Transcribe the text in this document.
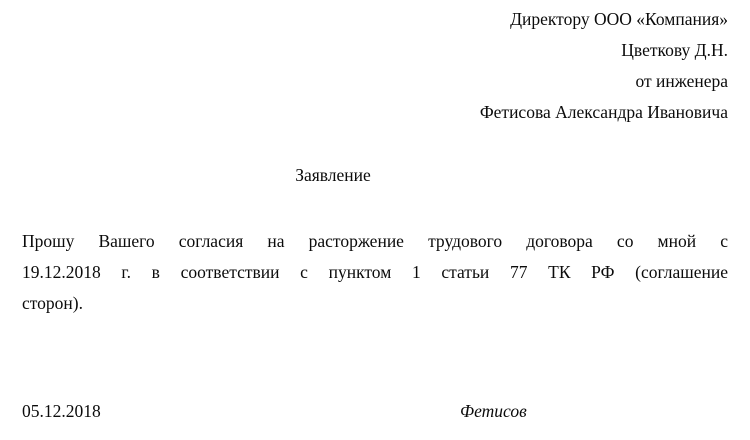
Директору ООО «Компания»
Цветкову Д.Н.
от инженера
Фетисова Александра Ивановича
Заявление

Прошу Вашего согласия на расторжение трудового договора со мной с
19.12.2018 г. в соответствии с пунктом 1 статьи 77 ТК РФ (соглашение
сторон).

05.12.2018	Фетисов
